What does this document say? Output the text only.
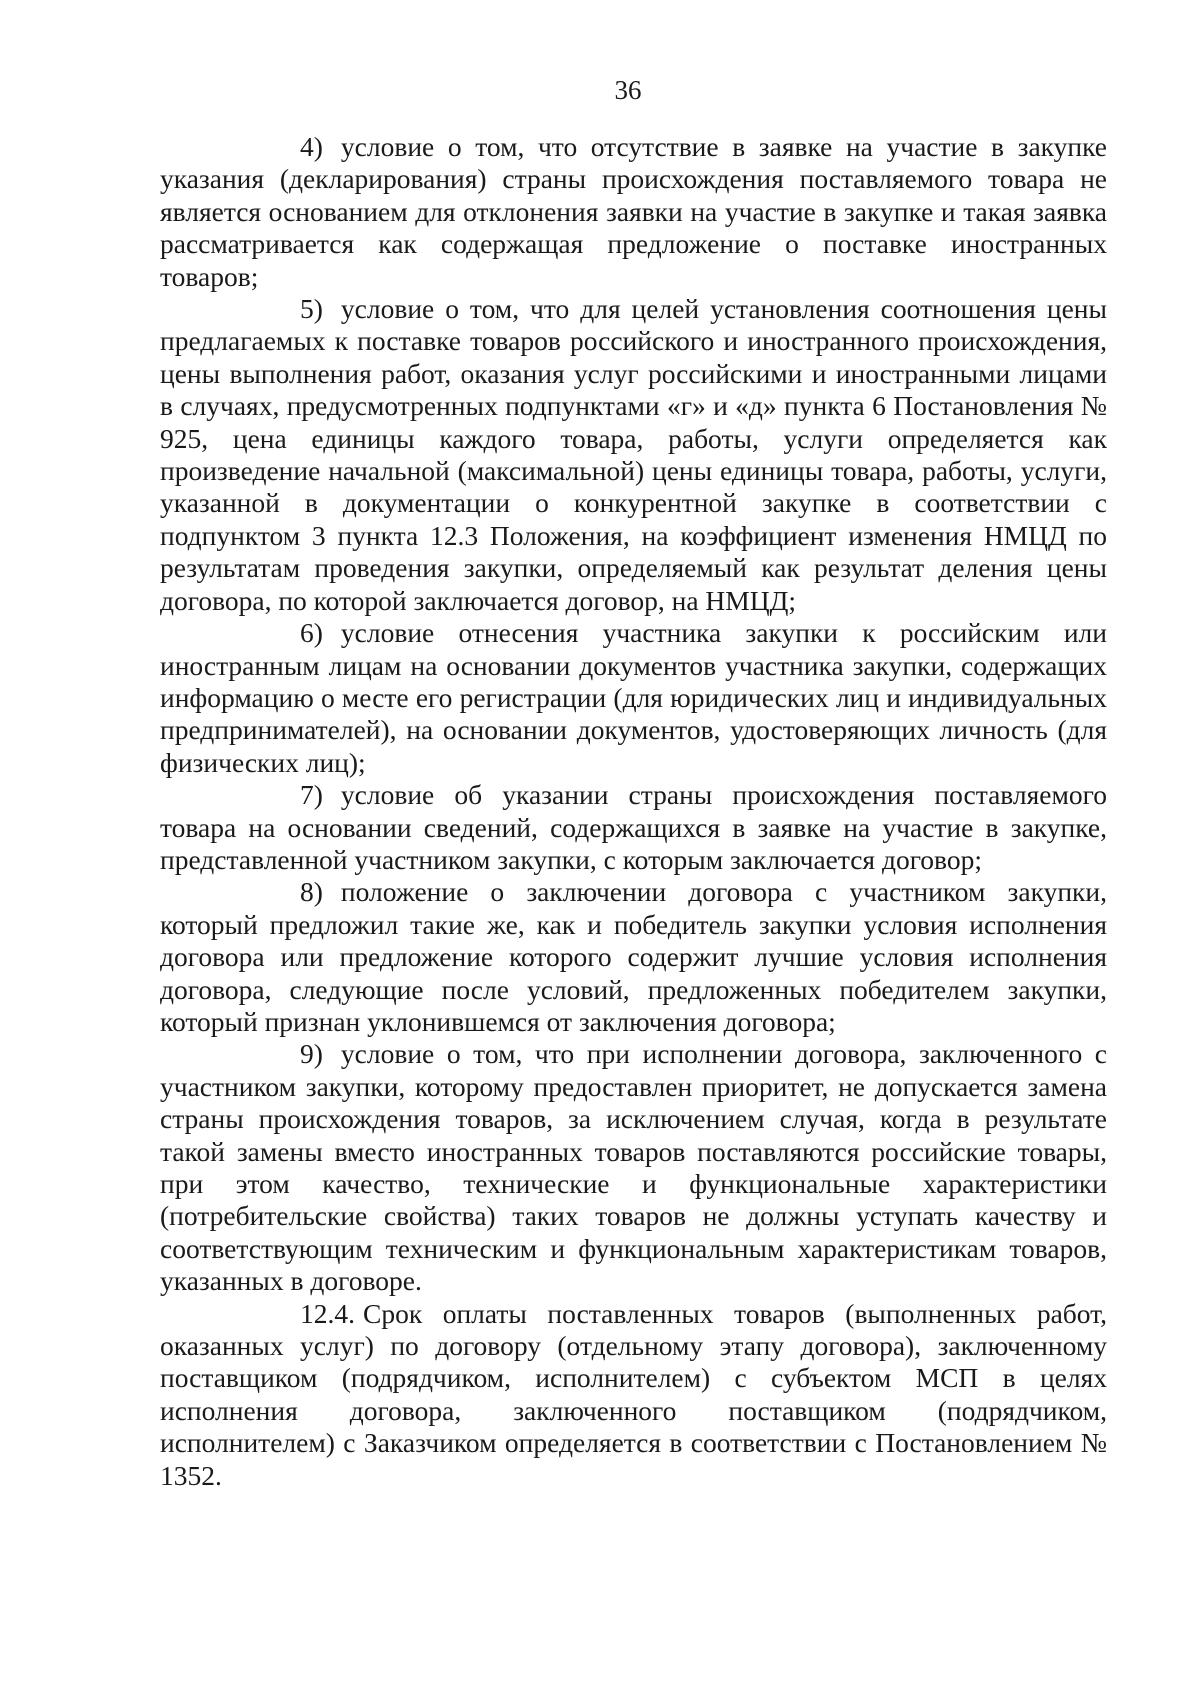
36

4) условие о том, что отсутствие в заявке на участие в закупке указания (декларирования) страны происхождения поставляемого товара не является основанием для отклонения заявки на участие в закупке и такая заявка рассматривается как содержащая предложение о поставке иностранных товаров;

5) условие о том, что для целей установления соотношения цены предлагаемых к поставке товаров российского и иностранного происхождения, цены выполнения работ, оказания услуг российскими и иностранными лицами в случаях, предусмотренных подпунктами «г» и «д» пункта 6 Постановления № 925, цена единицы каждого товара, работы, услуги определяется как произведение начальной (максимальной) цены единицы товара, работы, услуги, указанной в документации о конкурентной закупке в соответствии с подпунктом 3 пункта 12.3 Положения, на коэффициент изменения НМЦД по результатам проведения закупки, определяемый как результат деления цены договора, по которой заключается договор, на НМЦД;

6) условие отнесения участника закупки к российским или иностранным лицам на основании документов участника закупки, содержащих информацию о месте его регистрации (для юридических лиц и индивидуальных предпринимателей), на основании документов, удостоверяющих личность (для физических лиц);

7) условие об указании страны происхождения поставляемого товара на основании сведений, содержащихся в заявке на участие в закупке, представленной участником закупки, с которым заключается договор;

8) положение о заключении договора с участником закупки, который предложил такие же, как и победитель закупки условия исполнения договора или предложение которого содержит лучшие условия исполнения договора, следующие после условий, предложенных победителем закупки, который признан уклонившемся от заключения договора;

9) условие о том, что при исполнении договора, заключенного с участником закупки, которому предоставлен приоритет, не допускается замена страны происхождения товаров, за исключением случая, когда в результате такой замены вместо иностранных товаров поставляются российские товары, при этом качество, технические и функциональные характеристики (потребительские свойства) таких товаров не должны уступать качеству и соответствующим техническим и функциональным характеристикам товаров, указанных в договоре.

12.4. Срок оплаты поставленных товаров (выполненных работ, оказанных услуг) по договору (отдельному этапу договора), заключенному поставщиком (подрядчиком, исполнителем) с субъектом МСП в целях исполнения договора, заключенного поставщиком (подрядчиком, исполнителем) с Заказчиком определяется в соответствии с Постановлением № 1352.
